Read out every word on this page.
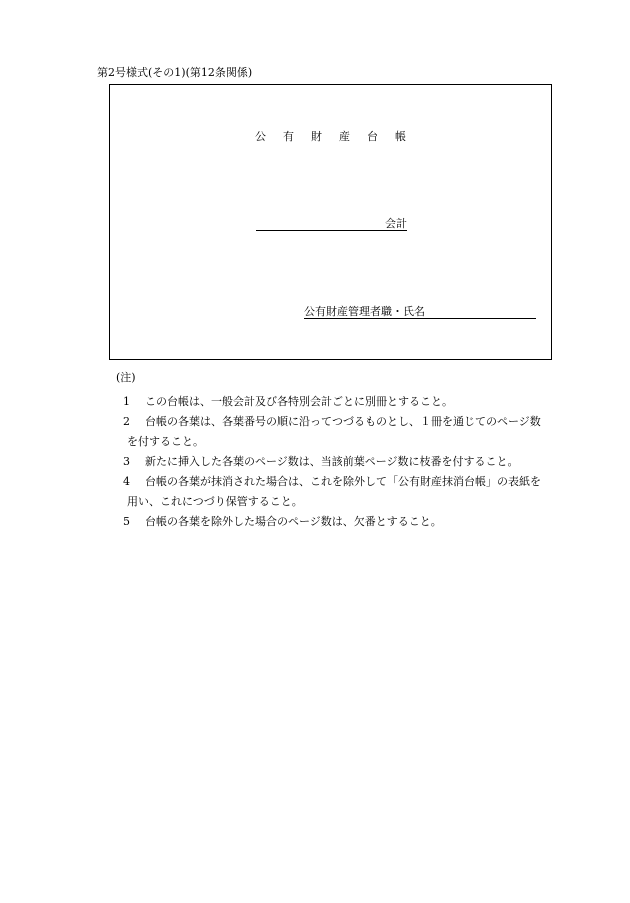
第2号様式(その1)(第12条関係)
公有財産台帳
会計
公有財産管理者職・氏名
(注)
1 この台帳は、一般会計及び各特別会計ごとに別冊とすること。
2 台帳の各葉は、各葉番号の順に沿ってつづるものとし、１冊を通じてのページ数
を付すること。
3 新たに挿入した各葉のページ数は、当該前葉ページ数に枝番を付すること。
4 台帳の各葉が抹消された場合は、これを除外して「公有財産抹消台帳」の表紙を
用い、これにつづり保管すること。
5 台帳の各葉を除外した場合のページ数は、欠番とすること。
